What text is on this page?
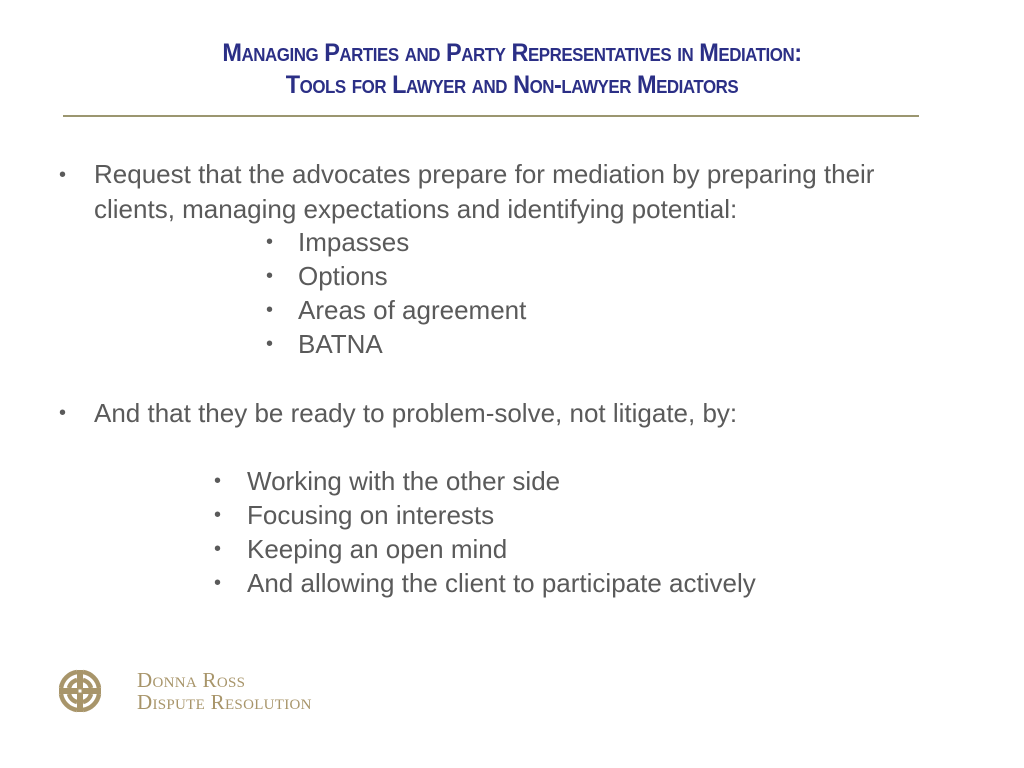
Managing Parties and Party Representatives in Mediation:
Tools for Lawyer and Non-lawyer Mediators
• Request that the advocates prepare for mediation by preparing their
clients, managing expectations and identifying potential:
• Impasses
• Options
• Areas of agreement
• BATNA
• And that they be ready to problem-solve, not litigate, by:
• Working with the other side
• Focusing on interests
• Keeping an open mind
• And allowing the client to participate actively
Donna Ross
Dispute Resolution
